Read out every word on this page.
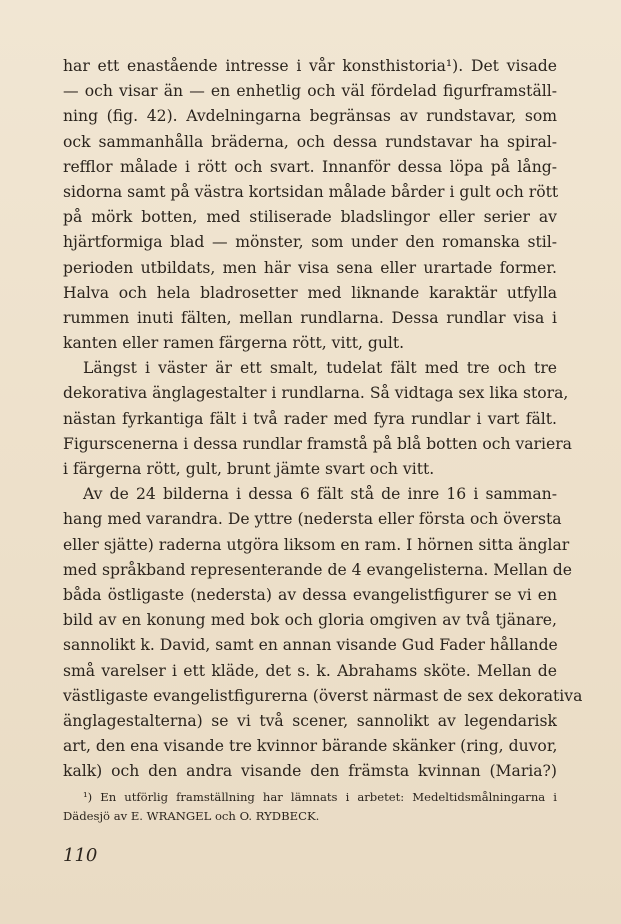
har ett enastående intresse i vår konsthistoria¹). Det visade
— och visar än — en enhetlig och väl fördelad figurframställ-
ning (fig. 42). Avdelningarna begränsas av rundstavar, som
ock sammanhålla bräderna, och dessa rundstavar ha spiral-
refflor målade i rött och svart. Innanför dessa löpa på lång-
sidorna samt på västra kortsidan målade bårder i gult och rött
på mörk botten, med stiliserade bladslingor eller serier av
hjärtformiga blad — mönster, som under den romanska stil-
perioden utbildats, men här visa sena eller urartade former.
Halva och hela bladrosetter med liknande karaktär utfylla
rummen inuti fälten, mellan rundlarna. Dessa rundlar visa i
kanten eller ramen färgerna rött, vitt, gult.
Längst i väster är ett smalt, tudelat fält med tre och tre
dekorativa änglagestalter i rundlarna. Så vidtaga sex lika stora,
nästan fyrkantiga fält i två rader med fyra rundlar i vart fält.
Figurscenerna i dessa rundlar framstå på blå botten och variera
i färgerna rött, gult, brunt jämte svart och vitt.
Av de 24 bilderna i dessa 6 fält stå de inre 16 i samman-
hang med varandra. De yttre (nedersta eller första och översta
eller sjätte) raderna utgöra liksom en ram. I hörnen sitta änglar
med språkband representerande de 4 evangelisterna. Mellan de
båda östligaste (nedersta) av dessa evangelistfigurer se vi en
bild av en konung med bok och gloria omgiven av två tjänare,
sannolikt k. David, samt en annan visande Gud Fader hållande
små varelser i ett kläde, det s. k. Abrahams sköte. Mellan de
västligaste evangelistfigurerna (överst närmast de sex dekorativa
änglagestalterna) se vi två scener, sannolikt av legendarisk
art, den ena visande tre kvinnor bärande skänker (ring, duvor,
kalk) och den andra visande den främsta kvinnan (Maria?)
¹) En utförlig framställning har lämnats i arbetet: Medeltidsmålningarna i
Dädesjö av E. WRANGEL och O. RYDBECK.
110
